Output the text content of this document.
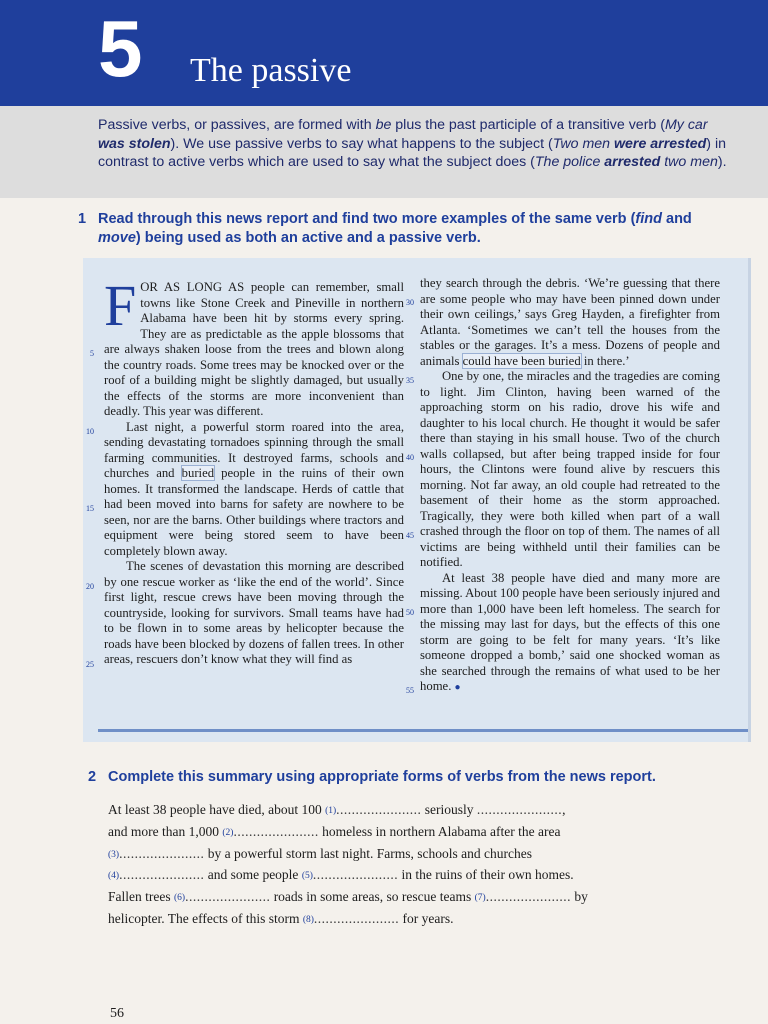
5 The passive
Passive verbs, or passives, are formed with be plus the past participle of a transitive verb (My car was stolen). We use passive verbs to say what happens to the subject (Two men were arrested) in contrast to active verbs which are used to say what the subject does (The police arrested two men).
1 Read through this news report and find two more examples of the same verb (find and move) being used as both an active and a passive verb.

FOR AS LONG AS people can remember, small towns like Stone Creek and Pineville in northern Alabama have been hit by storms every spring. They are as predictable as the apple blossoms that are always shaken loose from the trees and blown along the country roads. Some trees may be knocked over or the roof of a building might be slightly damaged, but usually the effects of the storms are more inconvenient than deadly. This year was different.

Last night, a powerful storm roared into the area, sending devastating tornadoes spinning through the small farming communities. It destroyed farms, schools and churches and buried people in the ruins of their own homes. It transformed the landscape. Herds of cattle that had been moved into barns for safety are nowhere to be seen, nor are the barns. Other buildings where tractors and equipment were being stored seem to have been completely blown away.

The scenes of devastation this morning are described by one rescue worker as ‘like the end of the world’. Since first light, rescue crews have been moving through the countryside, looking for survivors. Small teams have had to be flown in to some areas by helicopter because the roads have been blocked by dozens of fallen trees. In other areas, rescuers don’t know what they will find as

they search through the debris. ‘We’re guessing that there are some people who may have been pinned down under their own ceilings,’ says Greg Hayden, a firefighter from Atlanta. ‘Sometimes we can’t tell the houses from the stables or the garages. It’s a mess. Dozens of people and animals could have been buried in there.’

One by one, the miracles and the tragedies are coming to light. Jim Clinton, having been warned of the approaching storm on his radio, drove his wife and daughter to his local church. He thought it would be safer there than staying in his small house. Two of the church walls collapsed, but after being trapped inside for four hours, the Clintons were found alive by rescuers this morning. Not far away, an old couple had retreated to the basement of their home as the storm approached. Tragically, they were both killed when part of a wall crashed through the floor on top of them. The names of all victims are being withheld until their families can be notified.

At least 38 people have died and many more are missing. About 100 people have been seriously injured and more than 1,000 have been left homeless. The search for the missing may last for days, but the effects of this one storm are going to be felt for many years. ‘It’s like someone dropped a bomb,’ said one shocked woman as she searched through the remains of what used to be her home. ●

5
10
15
20
25
30
35
40
45
50
55
2 Complete this summary using appropriate forms of verbs from the news report.

At least 38 people have died, about 100 (1)...................... seriously ......................,

and more than 1,000 (2)...................... homeless in northern Alabama after the area

(3)...................... by a powerful storm last night. Farms, schools and churches

(4)...................... and some people (5)...................... in the ruins of their own homes.

Fallen trees (6)...................... roads in some areas, so rescue teams (7)...................... by

helicopter. The effects of this storm (8)...................... for years.

56
